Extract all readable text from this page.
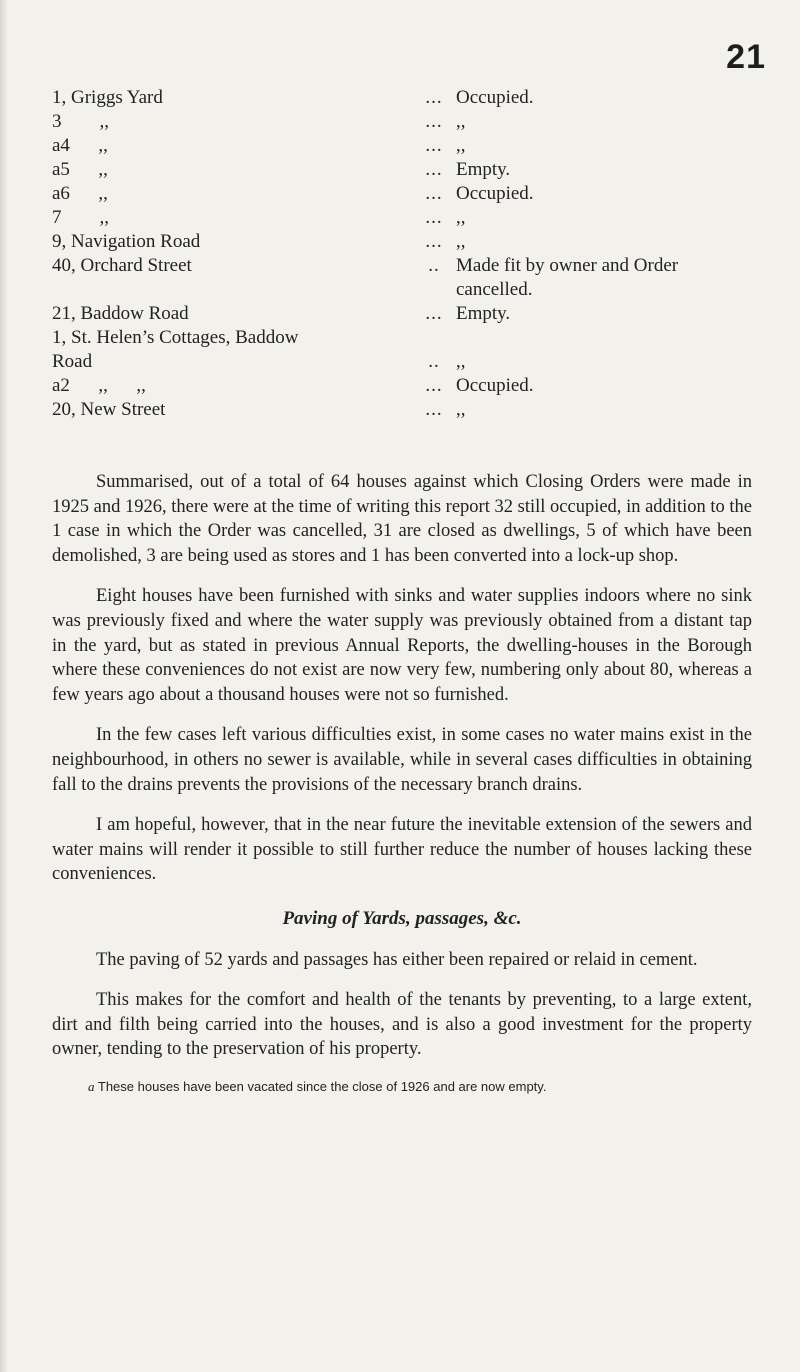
21
1, Griggs Yard	... Occupied.
3        ,,	... ,,
a4      ,,	... ,,
a5      ,,	... Empty.
a6      ,,	... Occupied.
7        ,,	... ,,
9, Navigation Road	... ,,
40, Orchard Street	.. Made fit by owner and Order cancelled.
21, Baddow Road	... Empty.
1, St. Helen’s Cottages, Baddow
Road	.. ,,
a2      ,,      ,,	... Occupied.
20, New Street	... ,,

Summarised, out of a total of 64 houses against which Closing Orders were made in 1925 and 1926, there were at the time of writing this report 32 still occupied, in addition to the 1 case in which the Order was cancelled, 31 are closed as dwellings, 5 of which have been demolished, 3 are being used as stores and 1 has been converted into a lock-up shop.

Eight houses have been furnished with sinks and water supplies indoors where no sink was previously fixed and where the water supply was previously obtained from a distant tap in the yard, but as stated in previous Annual Reports, the dwelling-houses in the Borough where these conveniences do not exist are now very few, numbering only about 80, whereas a few years ago about a thousand houses were not so furnished.

In the few cases left various difficulties exist, in some cases no water mains exist in the neighbourhood, in others no sewer is available, while in several cases difficulties in obtaining fall to the drains prevents the provisions of the necessary branch drains.

I am hopeful, however, that in the near future the inevitable extension of the sewers and water mains will render it possible to still further reduce the number of houses lacking these conveniences.

Paving of Yards, passages, &c.

The paving of 52 yards and passages has either been repaired or relaid in cement.

This makes for the comfort and health of the tenants by preventing, to a large extent, dirt and filth being carried into the houses, and is also a good investment for the property owner, tending to the preservation of his property.

a These houses have been vacated since the close of 1926 and are now empty.
